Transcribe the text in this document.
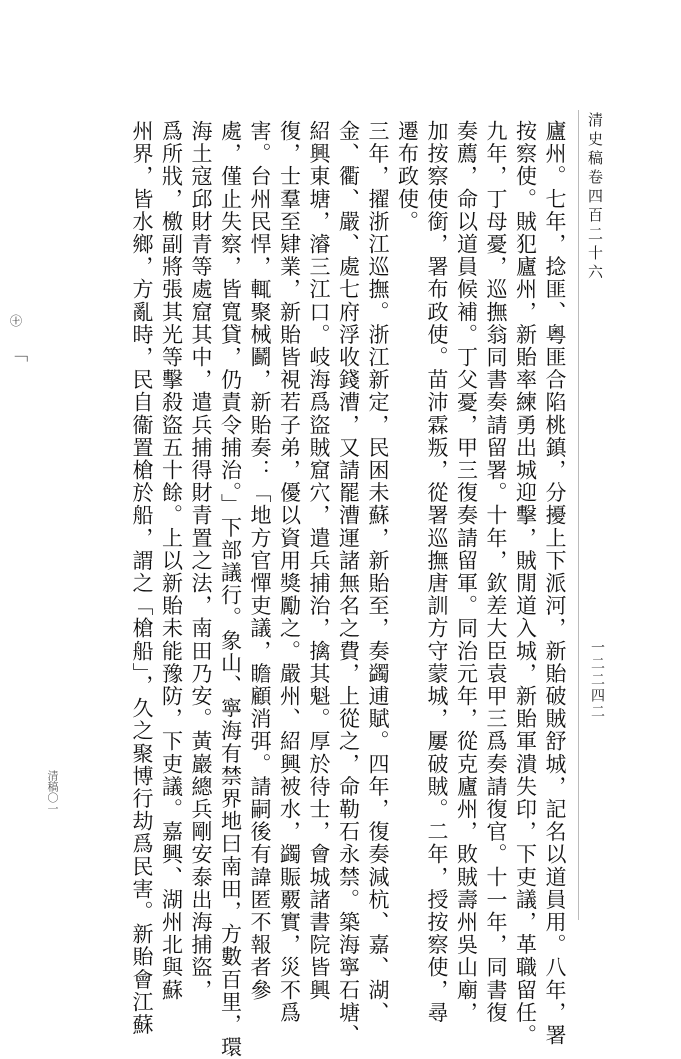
清史稿卷四百二十六
一二二四二
廬州。七年，捻匪、粵匪合陷桃鎮，分擾上下派河，新貽破賊舒城，記名以道員用。八年，署
按察使。賊犯廬州，新貽率練勇出城迎擊，賊閒道入城，新貽軍潰失印，下吏議，革職留任。
九年，丁母憂，巡撫翁同書奏請留署。十年，欽差大臣袁甲三爲奏請復官。十一年，同書復
奏薦，命以道員候補。丁父憂，甲三復奏請留軍。同治元年，從克廬州，敗賊壽州吳山廟，
加按察使銜，署布政使。苗沛霖叛，從署巡撫唐訓方守蒙城，屢破賊。二年，授按察使，尋
遷布政使。
三年，擢浙江巡撫。浙江新定，民困未蘇，新貽至，奏蠲逋賦。四年，復奏減杭、嘉、湖、
金、衢、嚴、處七府浮收錢漕，又請罷漕運諸無名之費，上從之，命勒石永禁。築海寧石塘、
紹興東塘，濬三江口。岐海爲盜賊窟穴，遣兵捕治，擒其魁。厚於待士，會城諸書院皆興
復，士羣至肄業，新貽皆視若子弟，優以資用獎勵之。嚴州、紹興被水，蠲賑覈實，災不爲
害。台州民悍，輒聚械鬬，新貽奏：「地方官憚吏議，瞻顧消弭。請嗣後有諱匿不報者參
處，僅止失察，皆寬貸，仍責令捕治。」下部議行。象山、寧海有禁界地曰南田，方數百里，環
海土寇邱財青等處窟其中，遣兵捕得財青置之法，南田乃安。黃巖總兵剛安泰出海捕盜，
爲所戕，檄副將張其光等擊殺盜五十餘。上以新貽未能豫防，下吏議。嘉興、湖州北與蘇
州界，皆水鄉，方亂時，民自衞置槍於船，謂之「槍船」，久之聚博行劫爲民害。新貽會江蘇
㊉
﹁
清稿〇一
